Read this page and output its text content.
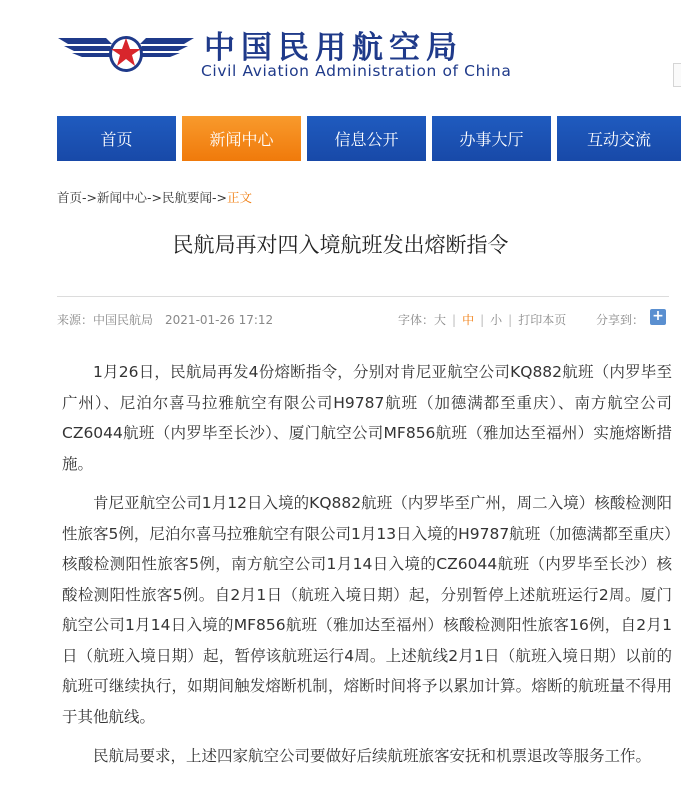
中国民用航空局
Civil Aviation Administration of China
首页	新闻中心	信息公开	办事大厅	互动交流
首页->新闻中心->民航要闻->正文
民航局再对四入境航班发出熔断指令
来源：中国民航局 2021-01-26 17:12	字体：大 | 中 | 小 | 打印本页 分享到： +

1月26日，民航局再发4份熔断指令，分别对肯尼亚航空公司KQ882航班（内罗毕至广州）、尼泊尔喜马拉雅航空有限公司H9787航班（加德满都至重庆）、南方航空公司CZ6044航班（内罗毕至长沙）、厦门航空公司MF856航班（雅加达至福州）实施熔断措施。

肯尼亚航空公司1月12日入境的KQ882航班（内罗毕至广州，周二入境）核酸检测阳性旅客5例，尼泊尔喜马拉雅航空有限公司1月13日入境的H9787航班（加德满都至重庆）核酸检测阳性旅客5例，南方航空公司1月14日入境的CZ6044航班（内罗毕至长沙）核酸检测阳性旅客5例。自2月1日（航班入境日期）起，分别暂停上述航班运行2周。厦门航空公司1月14日入境的MF856航班（雅加达至福州）核酸检测阳性旅客16例，自2月1日（航班入境日期）起，暂停该航班运行4周。上述航线2月1日（航班入境日期）以前的航班可继续执行，如期间触发熔断机制，熔断时间将予以累加计算。熔断的航班量不得用于其他航线。

民航局要求，上述四家航空公司要做好后续航班旅客安抚和机票退改等服务工作。
